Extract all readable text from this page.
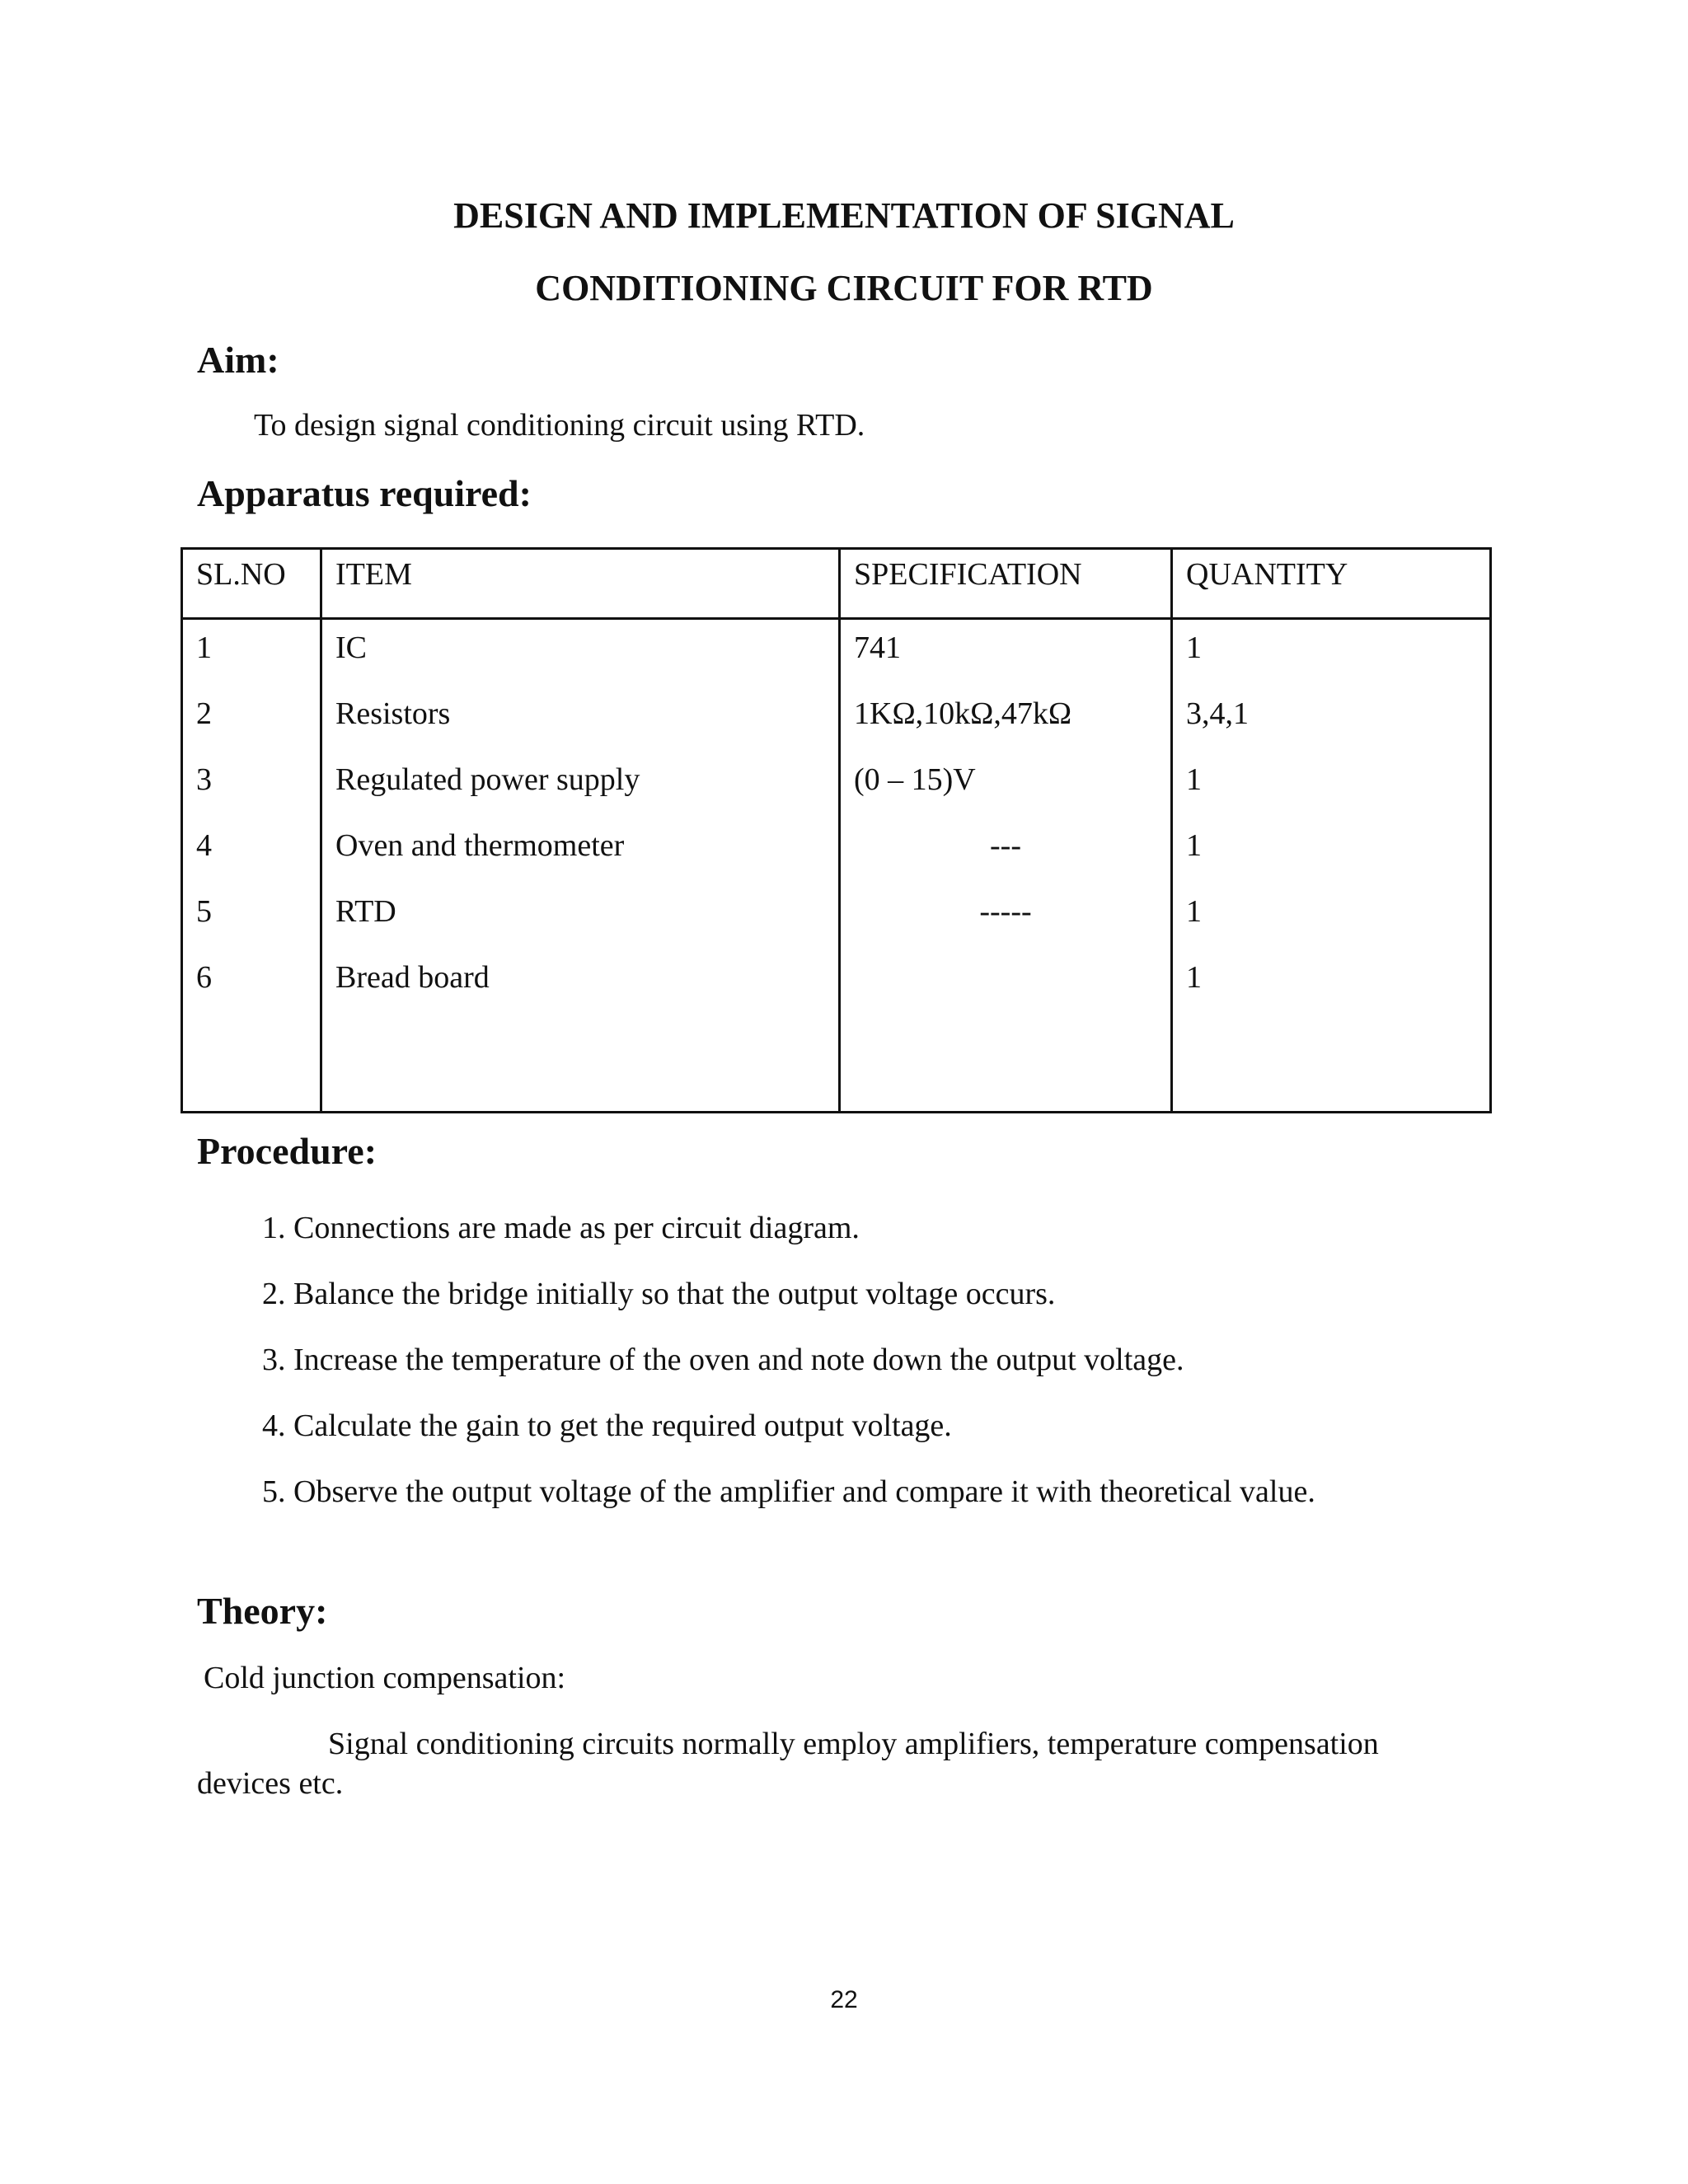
DESIGN AND IMPLEMENTATION OF SIGNAL
CONDITIONING CIRCUIT FOR RTD
Aim:
To design signal conditioning circuit using RTD.
Apparatus required:
SL.NO	ITEM	SPECIFICATION	QUANTITY
1	IC	741	1
2	Resistors	1KΩ,10kΩ,47kΩ	3,4,1
3	Regulated power supply	(0 – 15)V	1
4	Oven and thermometer	---	1
5	RTD	-----	1
6	Bread board		1

Procedure:
1. Connections are made as per circuit diagram.
2. Balance the bridge initially so that the output voltage occurs.
3. Increase the temperature of the oven and note down the output voltage.
4. Calculate the gain to get the required output voltage.
5. Observe the output voltage of the amplifier and compare it with theoretical value.
Theory:
Cold junction compensation:
Signal conditioning circuits normally employ amplifiers, temperature compensation
devices etc.
22
